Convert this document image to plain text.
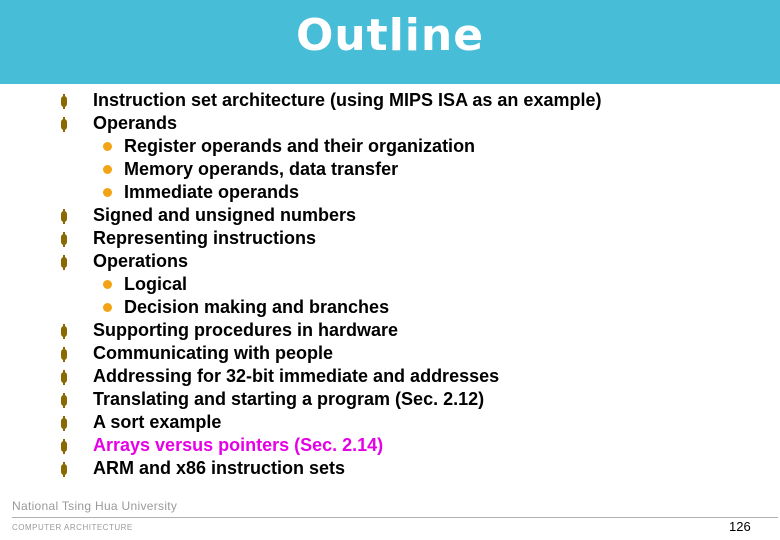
Outline
Instruction set architecture (using MIPS ISA as an example)
Operands
Register operands and their organization
Memory operands, data transfer
Immediate operands
Signed and unsigned numbers
Representing instructions
Operations
Logical
Decision making and branches
Supporting procedures in hardware
Communicating with people
Addressing for 32-bit immediate and addresses
Translating and starting a program (Sec. 2.12)
A sort example
Arrays versus pointers (Sec. 2.14)
ARM and x86 instruction sets
National Tsing Hua University
COMPUTER ARCHITECTURE	126
